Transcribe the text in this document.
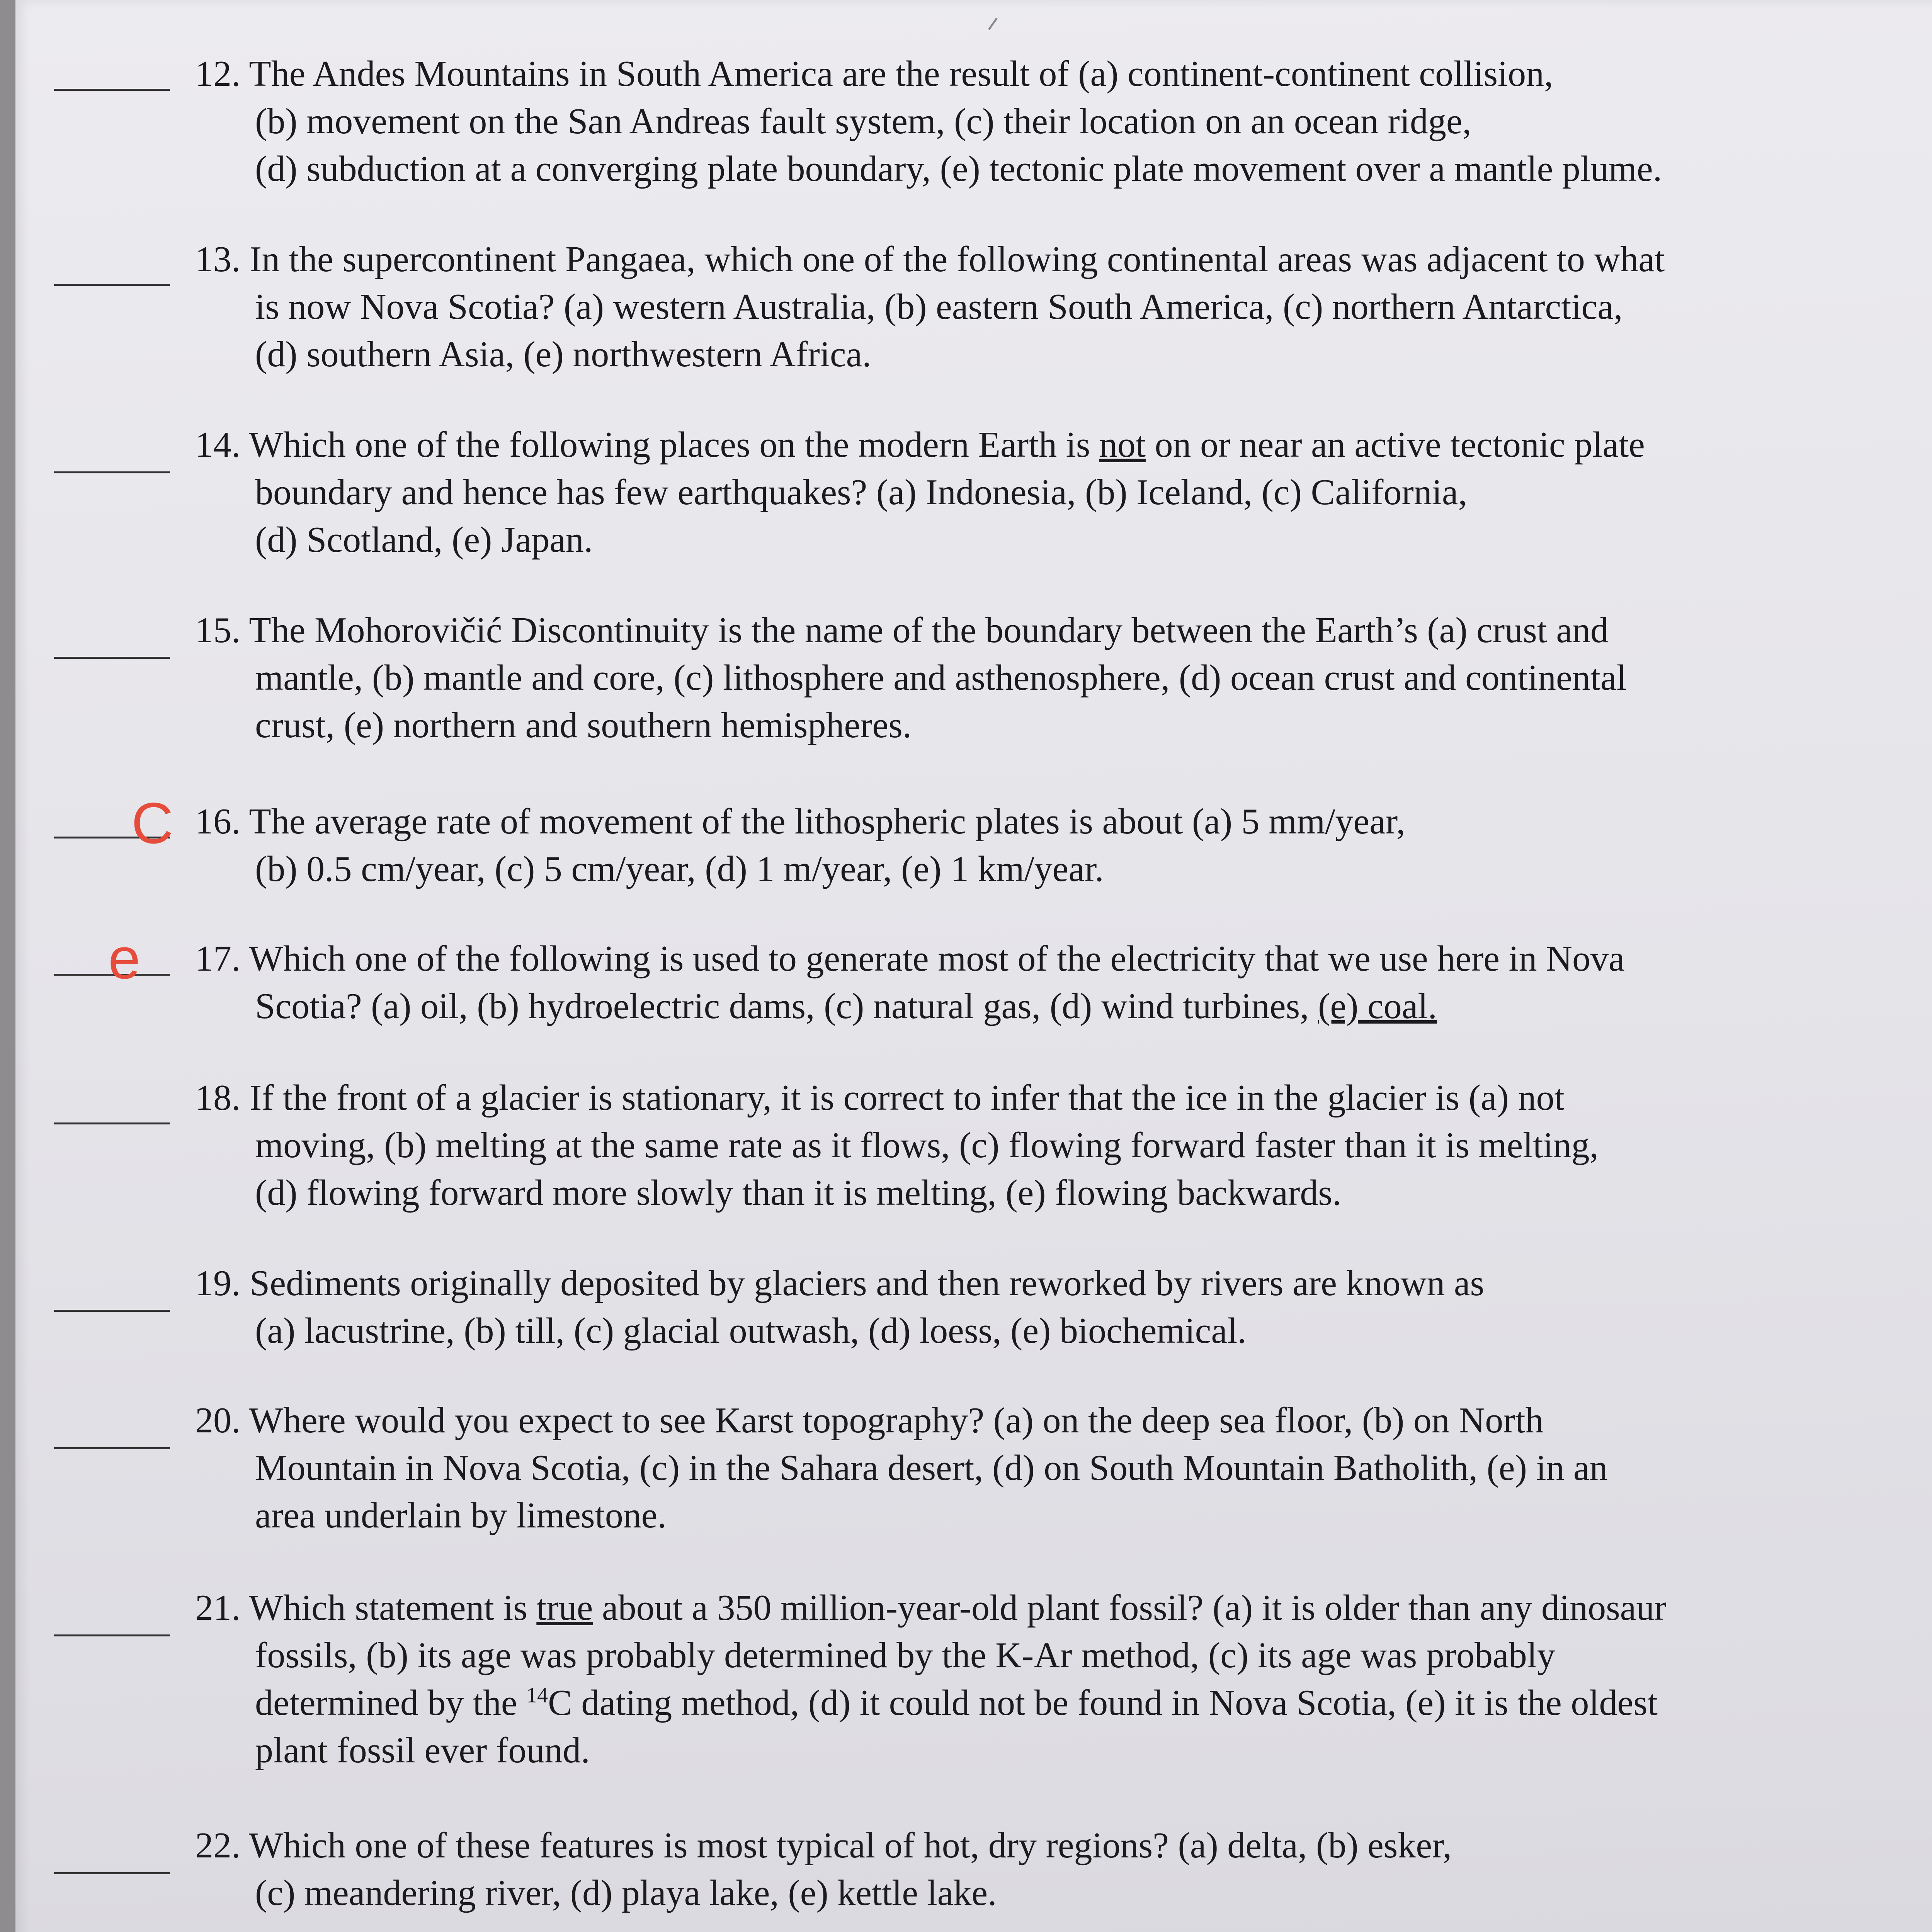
12. The Andes Mountains in South America are the result of (a) continent-continent collision,
(b) movement on the San Andreas fault system, (c) their location on an ocean ridge,
(d) subduction at a converging plate boundary, (e) tectonic plate movement over a mantle plume.

13. In the supercontinent Pangaea, which one of the following continental areas was adjacent to what
is now Nova Scotia? (a) western Australia, (b) eastern South America, (c) northern Antarctica,
(d) southern Asia, (e) northwestern Africa.

14. Which one of the following places on the modern Earth is not on or near an active tectonic plate
boundary and hence has few earthquakes? (a) Indonesia, (b) Iceland, (c) California,
(d) Scotland, (e) Japan.

15. The Mohorovičić Discontinuity is the name of the boundary between the Earth’s (a) crust and
mantle, (b) mantle and core, (c) lithosphere and asthenosphere, (d) ocean crust and continental
crust, (e) northern and southern hemispheres.

C 16. The average rate of movement of the lithospheric plates is about (a) 5 mm/year,
(b) 0.5 cm/year, (c) 5 cm/year, (d) 1 m/year, (e) 1 km/year.

e 17. Which one of the following is used to generate most of the electricity that we use here in Nova
Scotia? (a) oil, (b) hydroelectric dams, (c) natural gas, (d) wind turbines, (e) coal.

18. If the front of a glacier is stationary, it is correct to infer that the ice in the glacier is (a) not
moving, (b) melting at the same rate as it flows, (c) flowing forward faster than it is melting,
(d) flowing forward more slowly than it is melting, (e) flowing backwards.

19. Sediments originally deposited by glaciers and then reworked by rivers are known as
(a) lacustrine, (b) till, (c) glacial outwash, (d) loess, (e) biochemical.

20. Where would you expect to see Karst topography? (a) on the deep sea floor, (b) on North
Mountain in Nova Scotia, (c) in the Sahara desert, (d) on South Mountain Batholith, (e) in an
area underlain by limestone.

21. Which statement is true about a 350 million-year-old plant fossil? (a) it is older than any dinosaur
fossils, (b) its age was probably determined by the K-Ar method, (c) its age was probably
determined by the $^{14}$C dating method, (d) it could not be found in Nova Scotia, (e) it is the oldest
plant fossil ever found.

22. Which one of these features is most typical of hot, dry regions? (a) delta, (b) esker,
(c) meandering river, (d) playa lake, (e) kettle lake.
